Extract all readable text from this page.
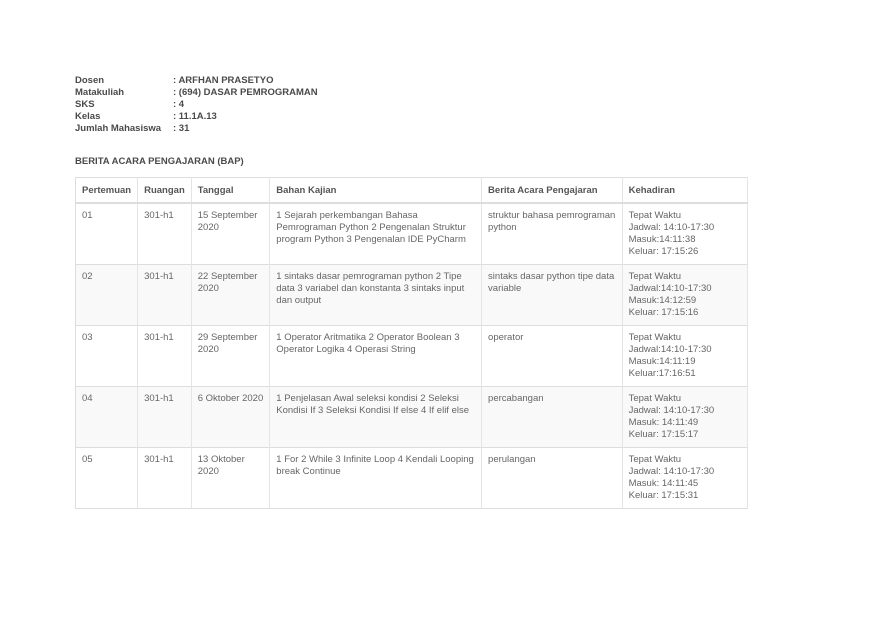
Dosen	: ARFHAN PRASETYO
Matakuliah	: (694) DASAR PEMROGRAMAN
SKS	: 4
Kelas	: 11.1A.13
Jumlah Mahasiswa	: 31
BERITA ACARA PENGAJARAN (BAP)
Pertemuan	Ruangan	Tanggal	Bahan Kajian	Berita Acara Pengajaran	Kehadiran
01	301-h1	15 September 2020	1 Sejarah perkembangan Bahasa Pemrograman Python 2 Pengenalan Struktur program Python 3 Pengenalan IDE PyCharm	struktur bahasa pemrograman python	Tepat Waktu
Jadwal: 14:10-17:30
Masuk:14:11:38
Keluar: 17:15:26

02	301-h1	22 September 2020	1 sintaks dasar pemrograman python 2 Tipe data 3 variabel dan konstanta 3 sintaks input dan output	sintaks dasar python tipe data variable	Tepat Waktu
Jadwal:14:10-17:30
Masuk:14:12:59
Keluar: 17:15:16

03	301-h1	29 September 2020	1 Operator Aritmatika 2 Operator Boolean 3 Operator Logika 4 Operasi String	operator	Tepat Waktu
Jadwal:14:10-17:30
Masuk:14:11:19
Keluar:17:16:51

04	301-h1	6 Oktober 2020	1 Penjelasan Awal seleksi kondisi 2 Seleksi Kondisi If 3 Seleksi Kondisi If else 4 If elif else	percabangan	Tepat Waktu
Jadwal: 14:10-17:30
Masuk: 14:11:49
Keluar: 17:15:17

05	301-h1	13 Oktober 2020	1 For 2 While 3 Infinite Loop 4 Kendali Looping break Continue	perulangan	Tepat Waktu
Jadwal: 14:10-17:30
Masuk: 14:11:45
Keluar: 17:15:31
